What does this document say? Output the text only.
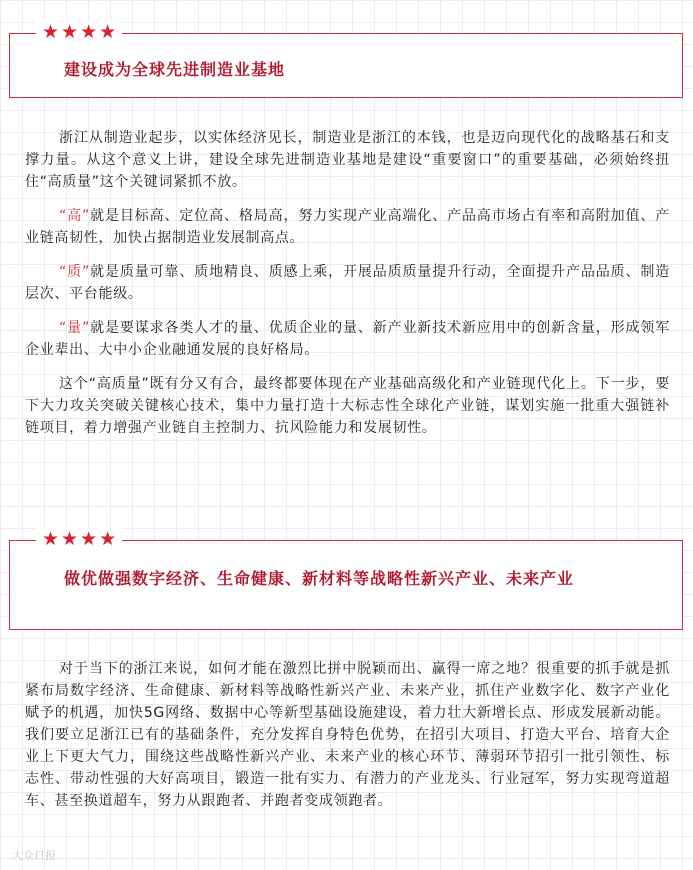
★ ★ ★ ★
建设成为全球先进制造业基地

浙江从制造业起步，以实体经济见长，制造业是浙江的本钱，也是迈向现代化的战略基石和支撑力量。从这个意义上讲，建设全球先进制造业基地是建设“重要窗口”的重要基础，必须始终扭住“高质量”这个关键词紧抓不放。

“高”就是目标高、定位高、格局高，努力实现产业高端化、产品高市场占有率和高附加值、产业链高韧性，加快占据制造业发展制高点。

“质”就是质量可靠、质地精良、质感上乘，开展品质质量提升行动，全面提升产品品质、制造层次、平台能级。

“量”就是要谋求各类人才的量、优质企业的量、新产业新技术新应用中的创新含量，形成领军企业辈出、大中小企业融通发展的良好格局。

这个“高质量”既有分又有合，最终都要体现在产业基础高级化和产业链现代化上。下一步，要下大力攻关突破关键核心技术，集中力量打造十大标志性全球化产业链，谋划实施一批重大强链补链项目，着力增强产业链自主控制力、抗风险能力和发展韧性。

★ ★ ★ ★
做优做强数字经济、生命健康、新材料等战略性新兴产业、未来产业

对于当下的浙江来说，如何才能在激烈比拼中脱颖而出、赢得一席之地？很重要的抓手就是抓紧布局数字经济、生命健康、新材料等战略性新兴产业、未来产业，抓住产业数字化、数字产业化赋予的机遇，加快5G网络、数据中心等新型基础设施建设，着力壮大新增长点、形成发展新动能。我们要立足浙江已有的基础条件，充分发挥自身特色优势，在招引大项目、打造大平台、培育大企业上下更大气力，围绕这些战略性新兴产业、未来产业的核心环节、薄弱环节招引一批引领性、标志性、带动性强的大好高项目，锻造一批有实力、有潜力的产业龙头、行业冠军，努力实现弯道超车、甚至换道超车，努力从跟跑者、并跑者变成领跑者。

大众日报
